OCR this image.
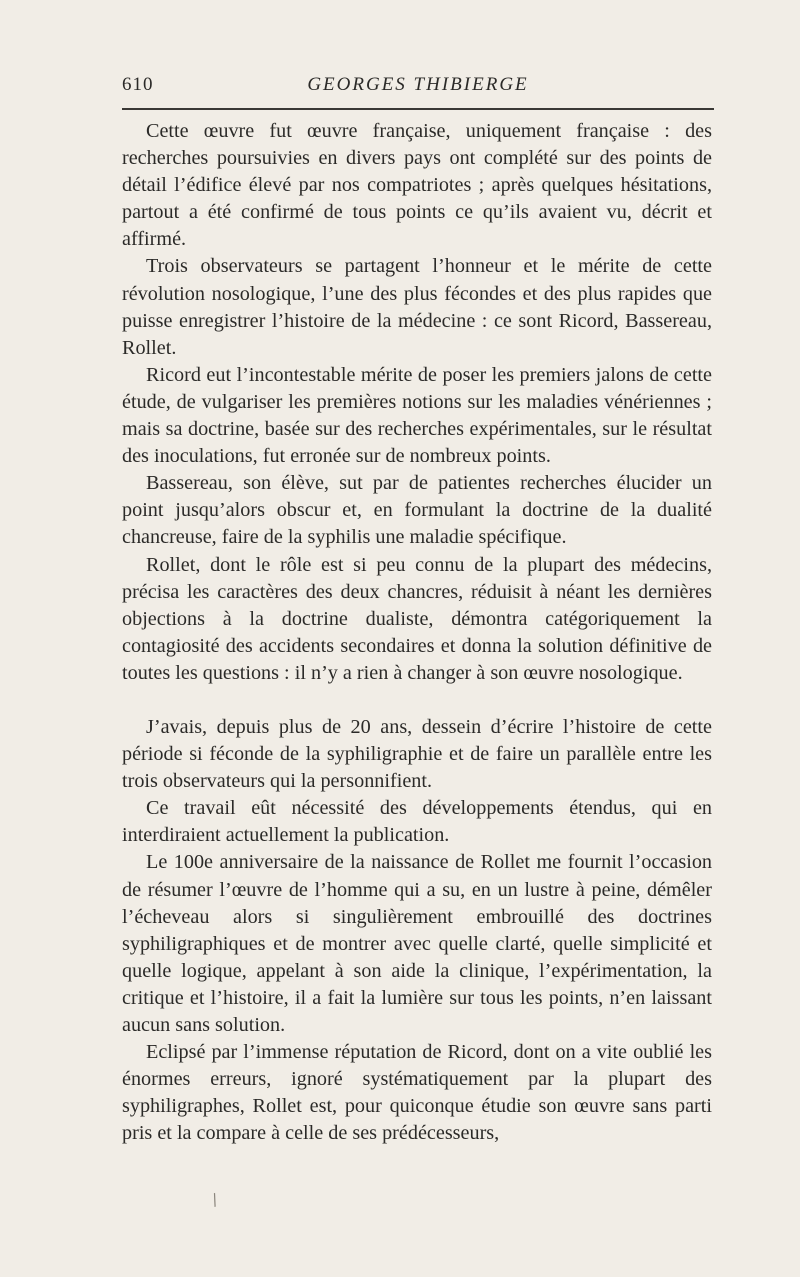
610	GEORGES THIBIERGE

Cette œuvre fut œuvre française, uniquement française : des recherches poursuivies en divers pays ont complété sur des points de détail l’édifice élevé par nos compatriotes ; après quelques hésitations, partout a été confirmé de tous points ce qu’ils avaient vu, décrit et affirmé.

Trois observateurs se partagent l’honneur et le mérite de cette révolution nosologique, l’une des plus fécondes et des plus rapides que puisse enregistrer l’histoire de la médecine : ce sont Ricord, Bassereau, Rollet.

Ricord eut l’incontestable mérite de poser les premiers jalons de cette étude, de vulgariser les premières notions sur les maladies vénériennes ; mais sa doctrine, basée sur des recherches expérimentales, sur le résultat des inoculations, fut erronée sur de nombreux points.

Bassereau, son élève, sut par de patientes recherches élucider un point jusqu’alors obscur et, en formulant la doctrine de la dualité chancreuse, faire de la syphilis une maladie spécifique.

Rollet, dont le rôle est si peu connu de la plupart des médecins, précisa les caractères des deux chancres, réduisit à néant les dernières objections à la doctrine dualiste, démontra catégoriquement la contagiosité des accidents secondaires et donna la solution définitive de toutes les questions : il n’y a rien à changer à son œuvre nosologique.

J’avais, depuis plus de 20 ans, dessein d’écrire l’histoire de cette période si féconde de la syphiligraphie et de faire un parallèle entre les trois observateurs qui la personnifient.

Ce travail eût nécessité des développements étendus, qui en interdiraient actuellement la publication.

Le 100e anniversaire de la naissance de Rollet me fournit l’occasion de résumer l’œuvre de l’homme qui a su, en un lustre à peine, démêler l’écheveau alors si singulièrement embrouillé des doctrines syphiligraphiques et de montrer avec quelle clarté, quelle simplicité et quelle logique, appelant à son aide la clinique, l’expérimentation, la critique et l’histoire, il a fait la lumière sur tous les points, n’en laissant aucun sans solution.

Eclipsé par l’immense réputation de Ricord, dont on a vite oublié les énormes erreurs, ignoré systématiquement par la plupart des syphiligraphes, Rollet est, pour quiconque étudie son œuvre sans parti pris et la compare à celle de ses prédécesseurs,

/
